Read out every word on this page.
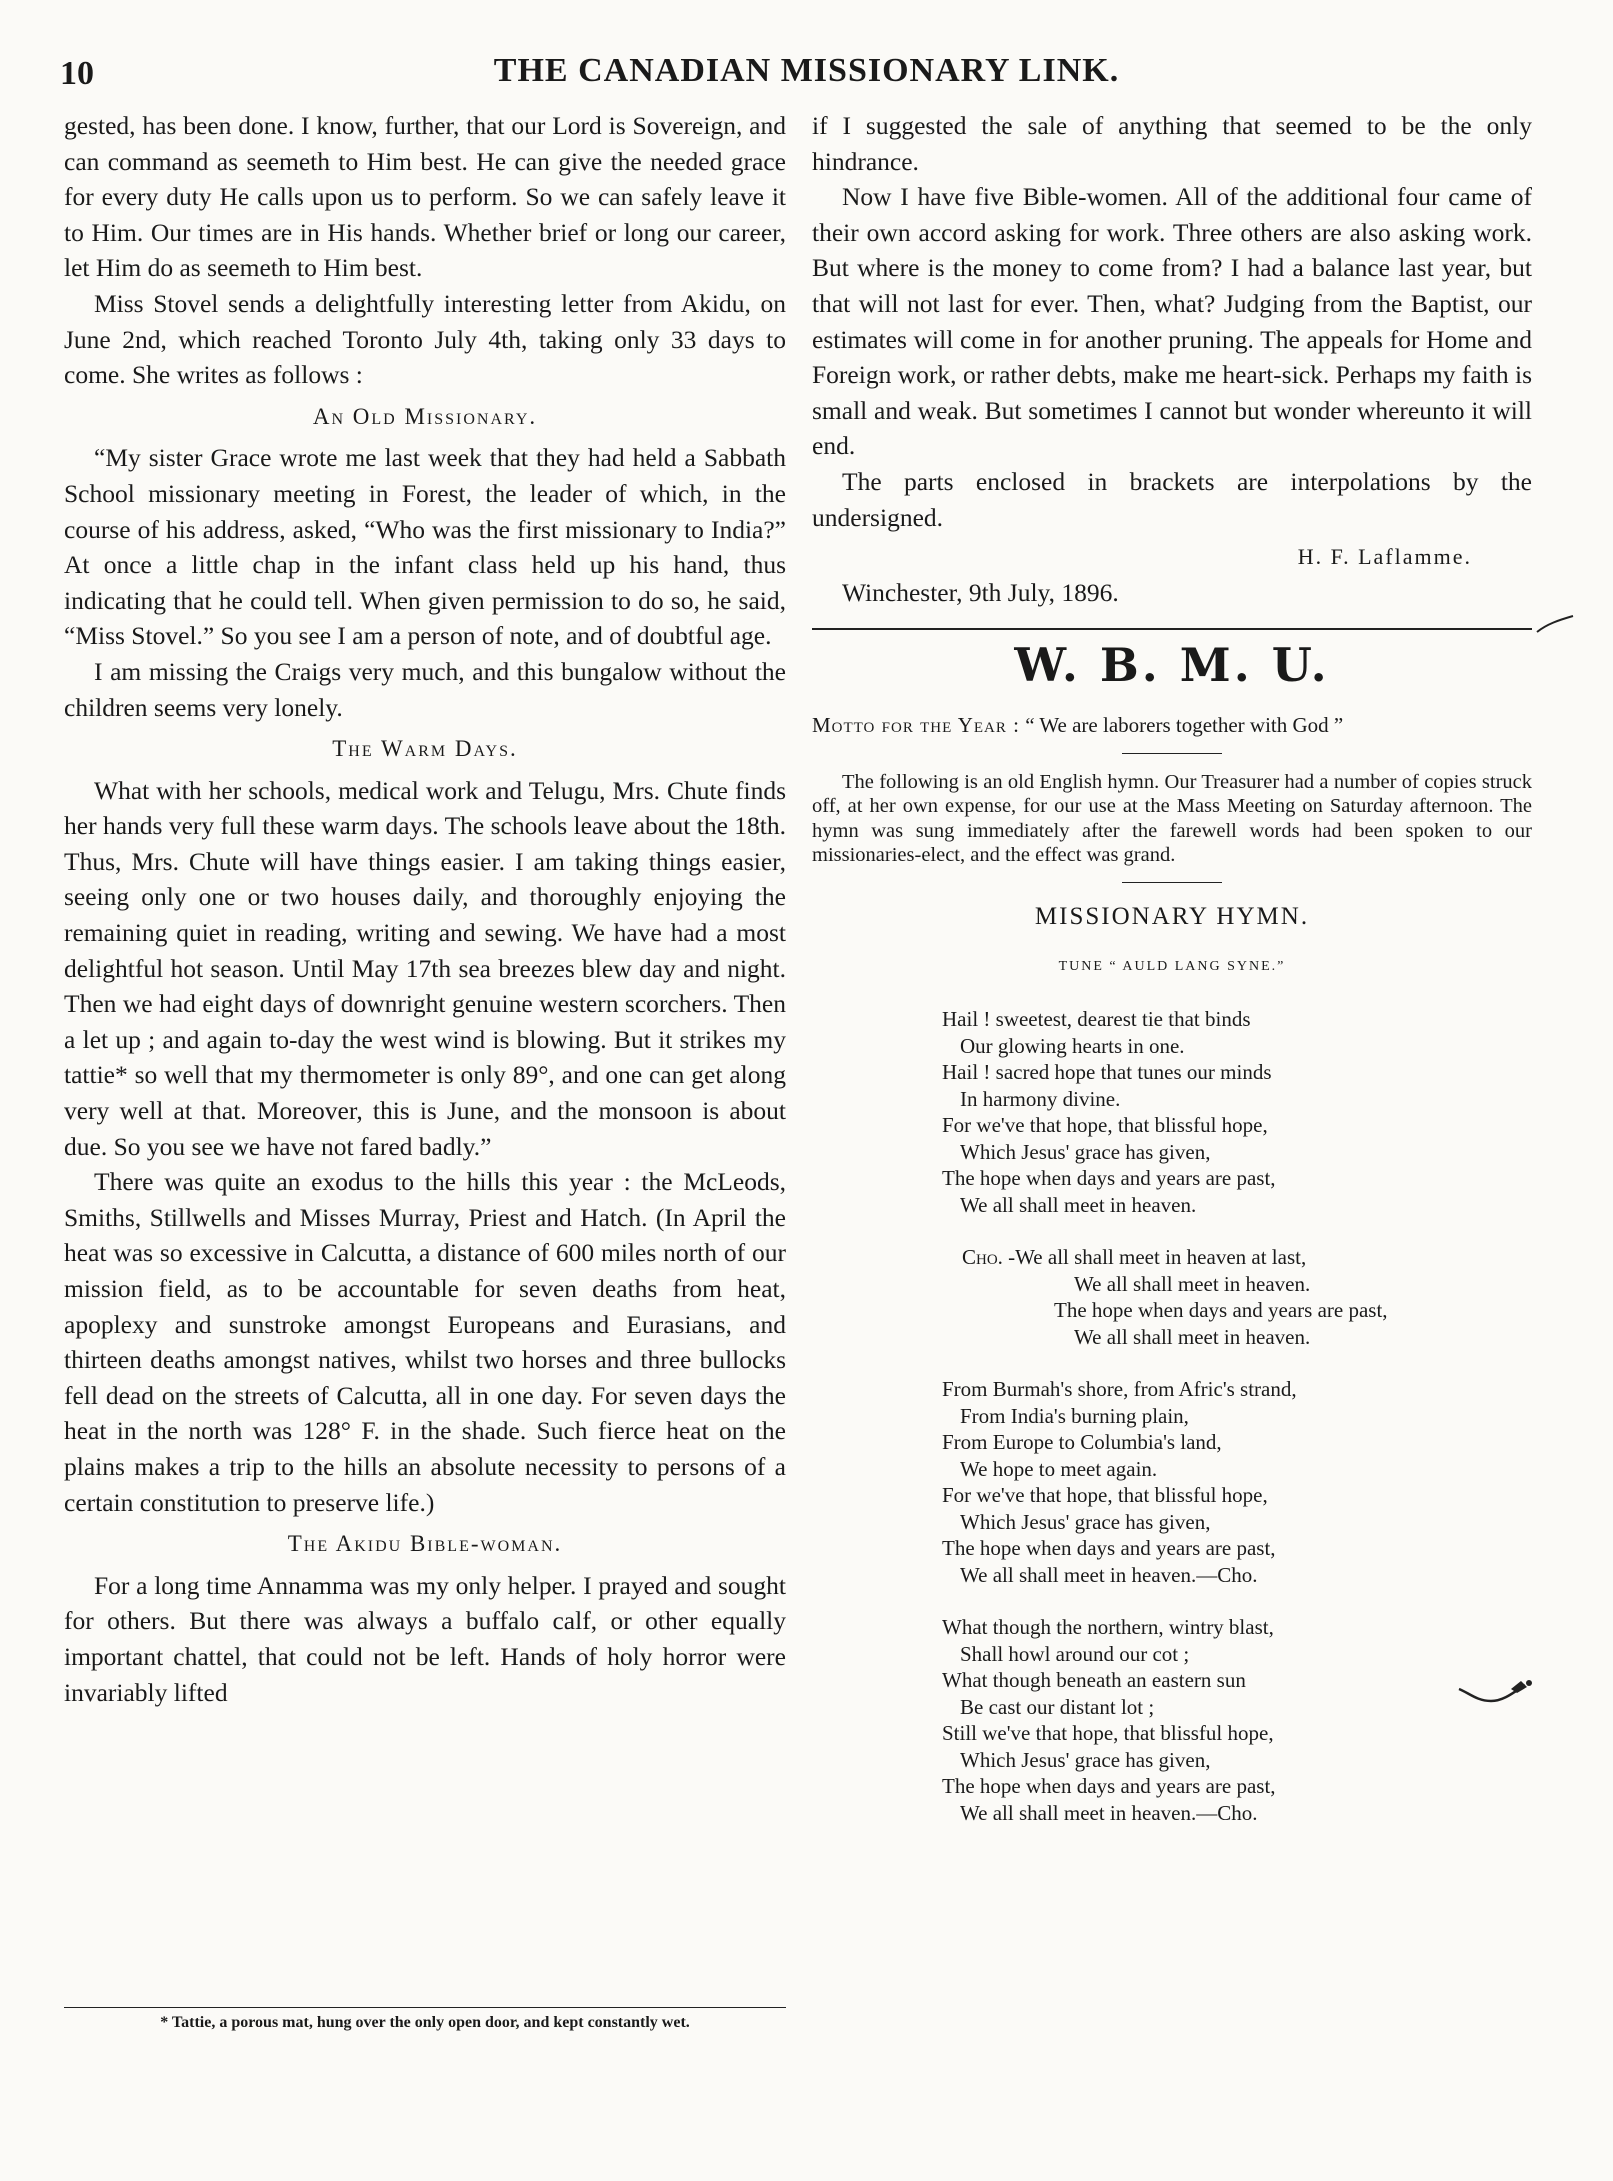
10	THE CANADIAN MISSIONARY LINK.

gested, has been done. I know, further, that our Lord is Sovereign, and can command as seemeth to Him best. He can give the needed grace for every duty He calls upon us to perform. So we can safely leave it to Him. Our times are in His hands. Whether brief or long our career, let Him do as seemeth to Him best.

Miss Stovel sends a delightfully interesting letter from Akidu, on June 2nd, which reached Toronto July 4th, taking only 33 days to come. She writes as follows :

An Old Missionary.

“My sister Grace wrote me last week that they had held a Sabbath School missionary meeting in Forest, the leader of which, in the course of his address, asked, “Who was the first missionary to India?” At once a little chap in the infant class held up his hand, thus indicating that he could tell. When given permission to do so, he said, “Miss Stovel.” So you see I am a person of note, and of doubtful age.

I am missing the Craigs very much, and this bungalow without the children seems very lonely.

The Warm Days.

What with her schools, medical work and Telugu, Mrs. Chute finds her hands very full these warm days. The schools leave about the 18th. Thus, Mrs. Chute will have things easier. I am taking things easier, seeing only one or two houses daily, and thoroughly enjoying the remaining quiet in reading, writing and sewing. We have had a most delightful hot season. Until May 17th sea breezes blew day and night. Then we had eight days of downright genuine western scorchers. Then a let up ; and again to-day the west wind is blowing. But it strikes my tattie* so well that my thermometer is only 89°, and one can get along very well at that. Moreover, this is June, and the monsoon is about due. So you see we have not fared badly.”

There was quite an exodus to the hills this year : the McLeods, Smiths, Stillwells and Misses Murray, Priest and Hatch. (In April the heat was so excessive in Calcutta, a distance of 600 miles north of our mission field, as to be accountable for seven deaths from heat, apoplexy and sunstroke amongst Europeans and Eurasians, and thirteen deaths amongst natives, whilst two horses and three bullocks fell dead on the streets of Calcutta, all in one day. For seven days the heat in the north was 128° F. in the shade. Such fierce heat on the plains makes a trip to the hills an absolute necessity to persons of a certain constitution to preserve life.)

The Akidu Bible-woman.

For a long time Annamma was my only helper. I prayed and sought for others. But there was always a buffalo calf, or other equally important chattel, that could not be left. Hands of holy horror were invariably lifted

* Tattie, a porous mat, hung over the only open door, and kept constantly wet.

if I suggested the sale of anything that seemed to be the only hindrance.

Now I have five Bible-women. All of the additional four came of their own accord asking for work. Three others are also asking work. But where is the money to come from? I had a balance last year, but that will not last for ever. Then, what? Judging from the Baptist, our estimates will come in for another pruning. The appeals for Home and Foreign work, or rather debts, make me heart-sick. Perhaps my faith is small and weak. But sometimes I cannot but wonder whereunto it will end.

The parts enclosed in brackets are interpolations by the undersigned.

H. F. Laflamme.

Winchester, 9th July, 1896.

W. B. M. U.
Motto for the Year : “ We are laborers together with God ”

The following is an old English hymn. Our Treasurer had a number of copies struck off, at her own expense, for our use at the Mass Meeting on Saturday afternoon. The hymn was sung immediately after the farewell words had been spoken to our missionaries-elect, and the effect was grand.

MISSIONARY HYMN.
TUNE “ AULD LANG SYNE.”
Hail ! sweetest, dearest tie that binds
Our glowing hearts in one.
Hail ! sacred hope that tunes our minds
In harmony divine.
For we've that hope, that blissful hope,
Which Jesus' grace has given,
The hope when days and years are past,
We all shall meet in heaven.
Cho. -We all shall meet in heaven at last,
We all shall meet in heaven.
The hope when days and years are past,
We all shall meet in heaven.
From Burmah's shore, from Afric's strand,
From India's burning plain,
From Europe to Columbia's land,
We hope to meet again.
For we've that hope, that blissful hope,
Which Jesus' grace has given,
The hope when days and years are past,
We all shall meet in heaven.—Cho.
What though the northern, wintry blast,
Shall howl around our cot ;
What though beneath an eastern sun
Be cast our distant lot ;
Still we've that hope, that blissful hope,
Which Jesus' grace has given,
The hope when days and years are past,
We all shall meet in heaven.—Cho.
